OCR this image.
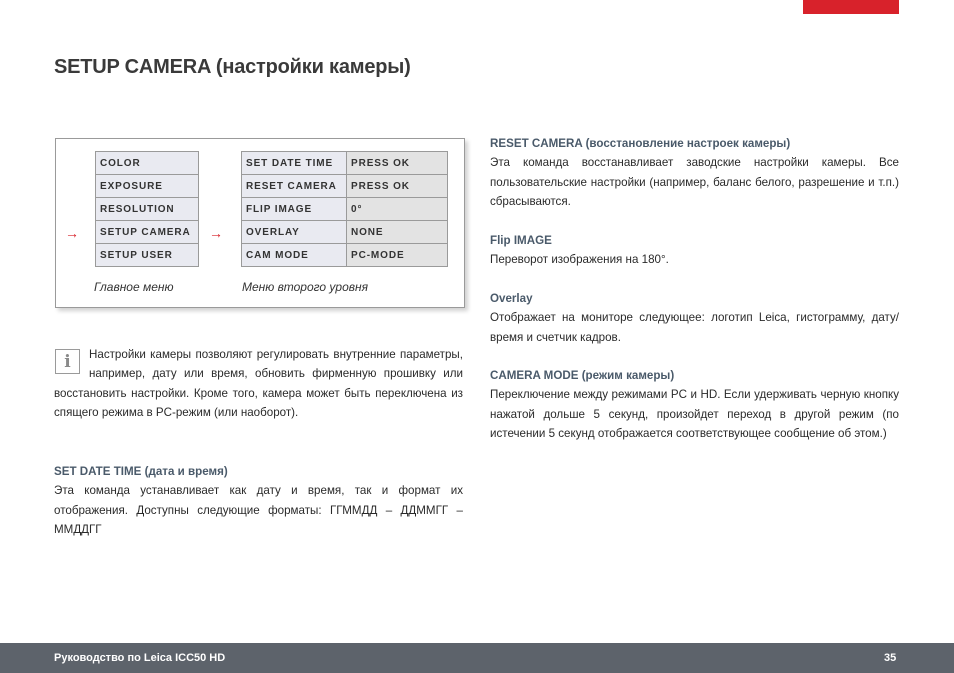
SETUP CAMERA (настройки камеры)
COLOR
EXPOSURE
RESOLUTION
SETUP CAMERA
SETUP USER
→	→
SET DATE TIME	PRESS OK
RESET CAMERA	PRESS OK
FLIP IMAGE	0°
OVERLAY	NONE
CAM MODE	PC-MODE
Главное меню	Меню второго уровня
i	Настройки камеры позволяют регулировать внутренние параметры, например, дату или время, обновить фирменную прошивку или восстановить настройки. Кроме того, камера может быть переключена из спящего режима в PC-режим (или наоборот).

SET DATE TIME (дата и время)

Эта команда устанавливает как дату и время, так и формат их отображения. Доступны следующие форматы: ГГММДД – ДДММГГ – ММДДГГ

RESET CAMERA (восстановление настроек камеры)

Эта команда восстанавливает заводские настройки камеры. Все пользовательские настройки (например, баланс белого, разрешение и т.п.) сбрасываются.

Flip IMAGE

Переворот изображения на 180°.

Overlay

Отображает на мониторе следующее: логотип Leica, гистограмму, дату/время и счетчик кадров.

CAMERA MODE (режим камеры)

Переключение между режимами PC и HD. Если удерживать черную кнопку нажатой дольше 5 секунд, произойдет переход в другой режим (по истечении 5 секунд отображается соответствующее сообщение об этом.)

Руководство по Leica ICC50 HD	35
